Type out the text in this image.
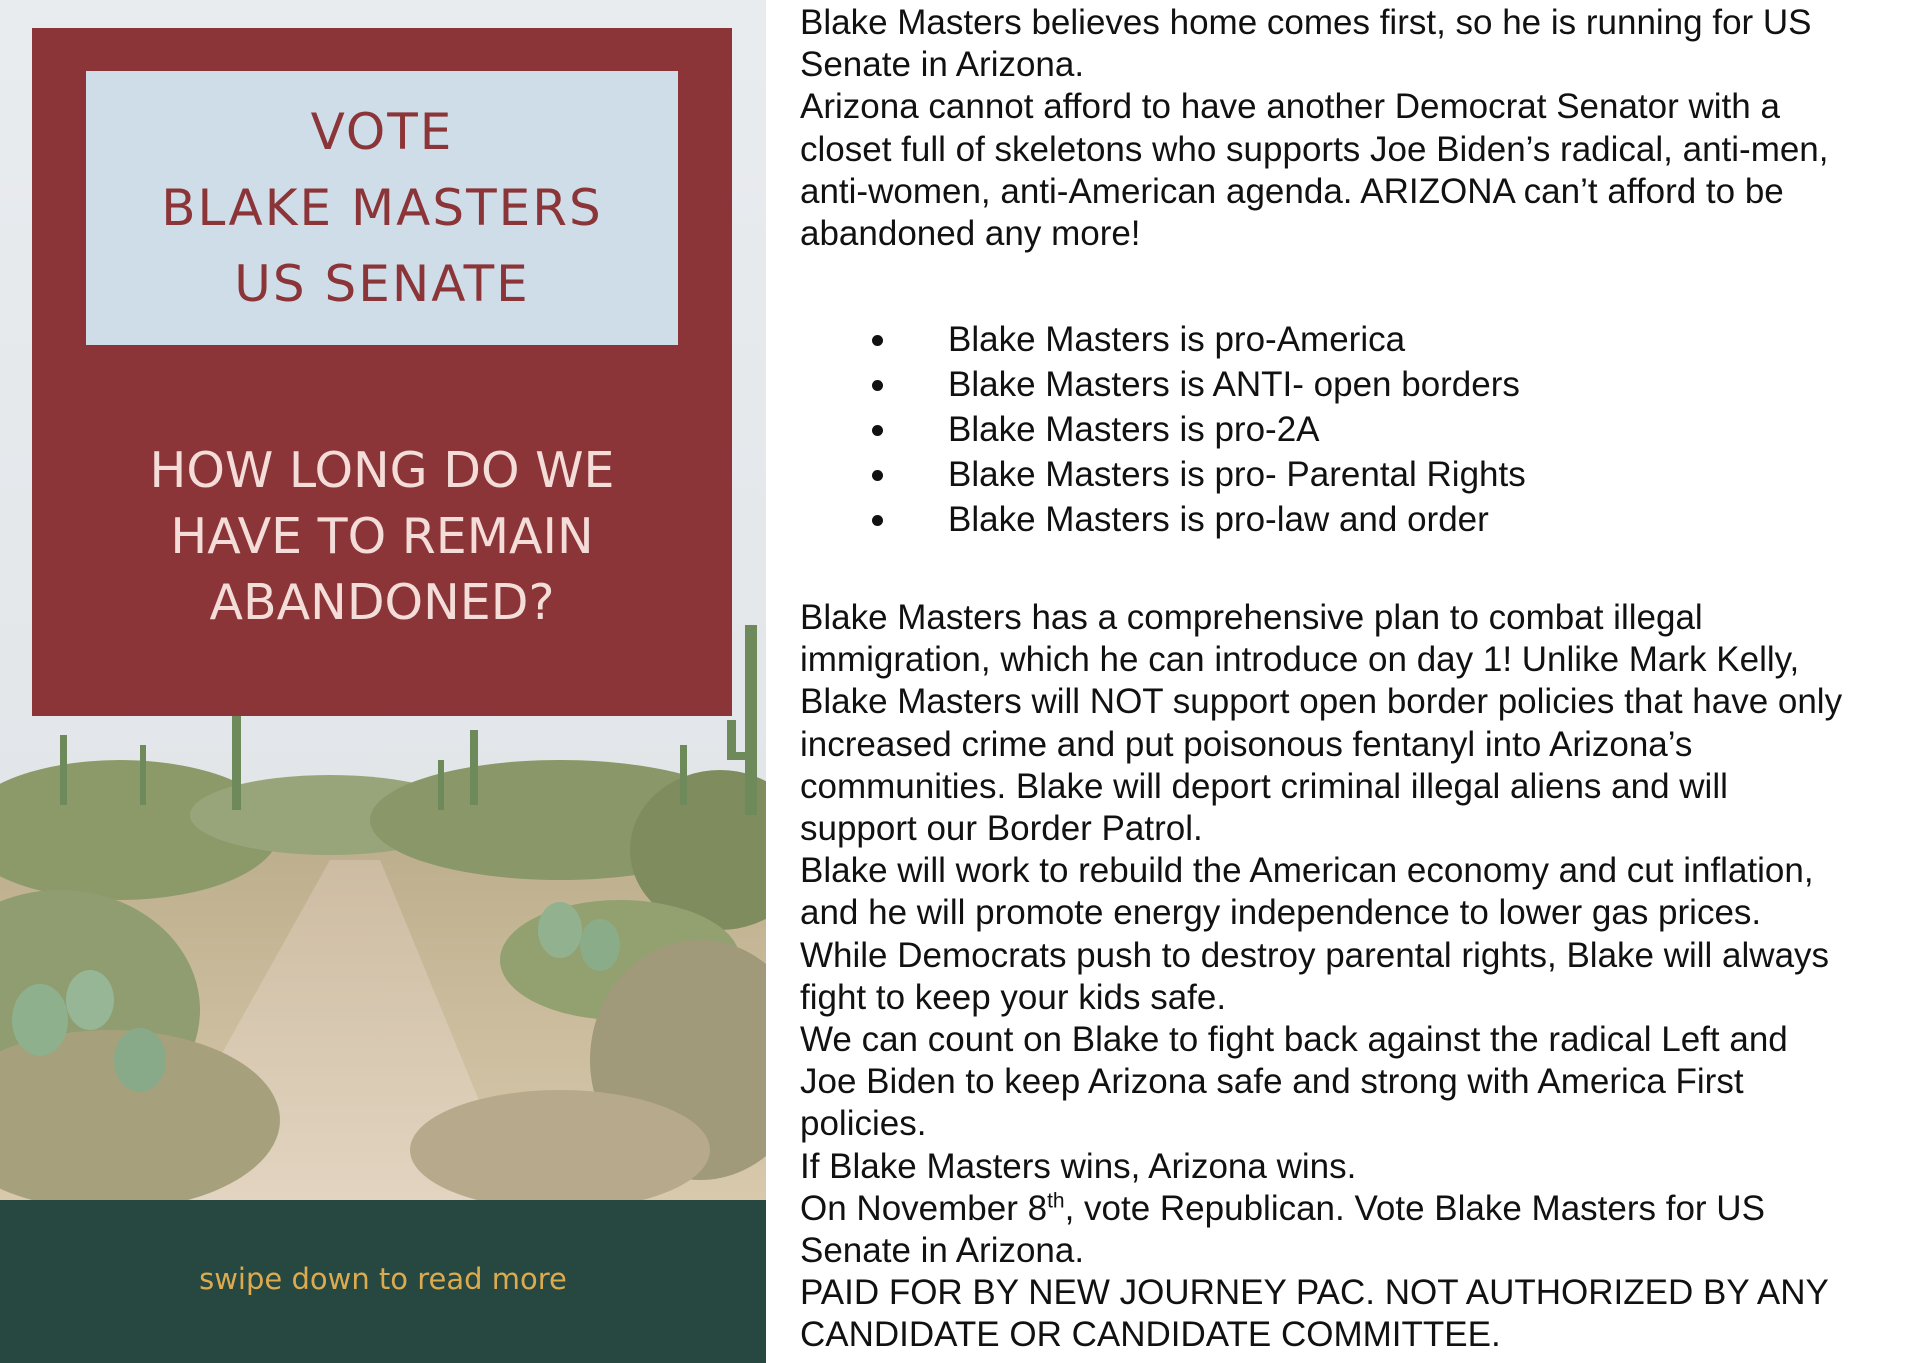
VOTE
BLAKE MASTERS
US SENATE
HOW LONG DO WE
HAVE TO REMAIN
ABANDONED?
swipe down to read more
Blake Masters believes home comes first, so he is running for US
Senate in Arizona.
Arizona cannot afford to have another Democrat Senator with a
closet full of skeletons who supports Joe Biden’s radical, anti-men,
anti-women, anti-American agenda. ARIZONA can’t afford to be
abandoned any more!
Blake Masters is pro-America
Blake Masters is ANTI- open borders
Blake Masters is pro-2A
Blake Masters is pro- Parental Rights
Blake Masters is pro-law and order
Blake Masters has a comprehensive plan to combat illegal
immigration, which he can introduce on day 1! Unlike Mark Kelly,
Blake Masters will NOT support open border policies that have only
increased crime and put poisonous fentanyl into Arizona’s
communities. Blake will deport criminal illegal aliens and will
support our Border Patrol.
Blake will work to rebuild the American economy and cut inflation,
and he will promote energy independence to lower gas prices.
While Democrats push to destroy parental rights, Blake will always
fight to keep your kids safe.
We can count on Blake to fight back against the radical Left and
Joe Biden to keep Arizona safe and strong with America First
policies.
If Blake Masters wins, Arizona wins.
On November 8th, vote Republican. Vote Blake Masters for US
Senate in Arizona.
PAID FOR BY NEW JOURNEY PAC. NOT AUTHORIZED BY ANY
CANDIDATE OR CANDIDATE COMMITTEE.
